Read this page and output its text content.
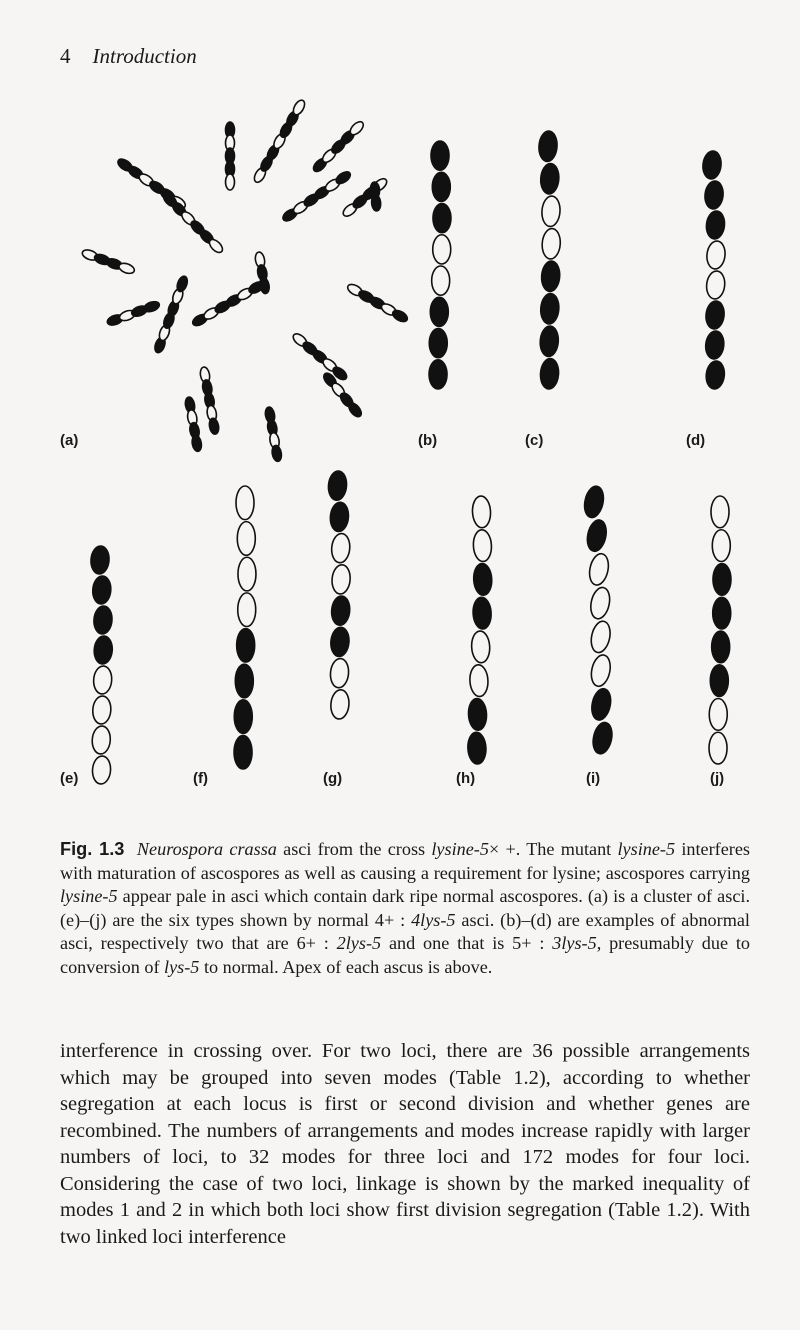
4 Introduction
(a)	(b)	(c)	(d)
(e)	(f)	(g)	(h)	(i)	(j)
Fig. 1.3 Neurospora crassa asci from the cross lysine-5× +. The mutant lysine-5 interferes with maturation of ascospores as well as causing a requirement for lysine; ascospores carrying lysine-5 appear pale in asci which contain dark ripe normal ascospores. (a) is a cluster of asci. (e)–(j) are the six types shown by normal 4+ : 4lys-5 asci. (b)–(d) are examples of abnormal asci, respectively two that are 6+ : 2lys-5 and one that is 5+ : 3lys-5, presumably due to conversion of lys-5 to normal. Apex of each ascus is above.
interference in crossing over. For two loci, there are 36 possible arrangements which may be grouped into seven modes (Table 1.2), according to whether segregation at each locus is first or second division and whether genes are recombined. The numbers of arrangements and modes increase rapidly with larger numbers of loci, to 32 modes for three loci and 172 modes for four loci. Considering the case of two loci, linkage is shown by the marked inequality of modes 1 and 2 in which both loci show first division segregation (Table 1.2). With two linked loci interference
